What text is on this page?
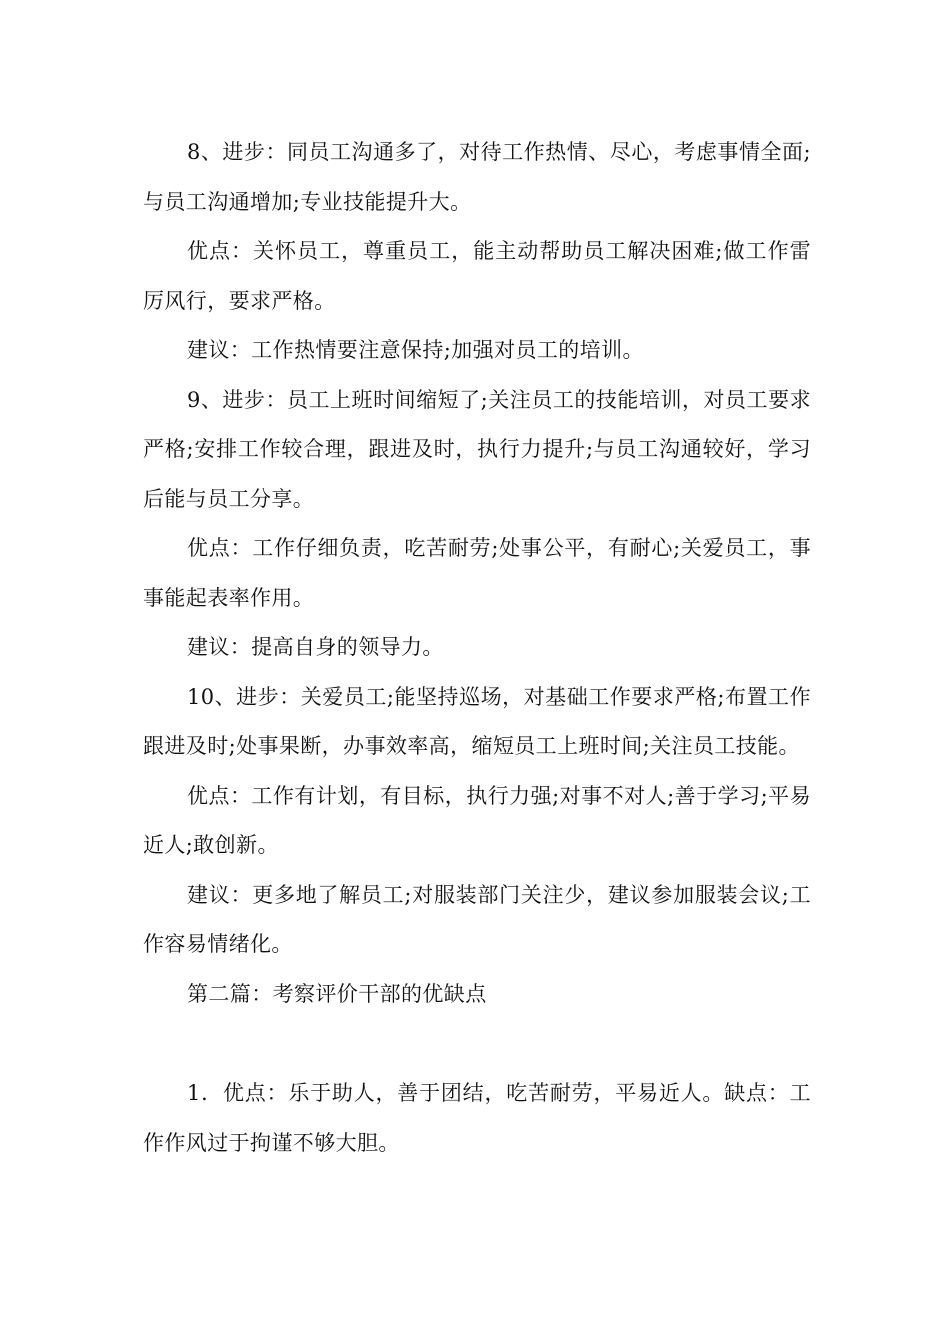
8、进步：同员工沟通多了，对待工作热情、尽心，考虑事情全面;与员工沟通增加;专业技能提升大。

优点：关怀员工，尊重员工，能主动帮助员工解决困难;做工作雷厉风行，要求严格。

建议：工作热情要注意保持;加强对员工的培训。

9、进步：员工上班时间缩短了;关注员工的技能培训，对员工要求严格;安排工作较合理，跟进及时，执行力提升;与员工沟通较好，学习后能与员工分享。

优点：工作仔细负责，吃苦耐劳;处事公平，有耐心;关爱员工，事事能起表率作用。

建议：提高自身的领导力。

10、进步：关爱员工;能坚持巡场，对基础工作要求严格;布置工作跟进及时;处事果断，办事效率高，缩短员工上班时间;关注员工技能。

优点：工作有计划，有目标，执行力强;对事不对人;善于学习;平易近人;敢创新。

建议：更多地了解员工;对服装部门关注少，建议参加服装会议;工作容易情绪化。

第二篇：考察评价干部的优缺点

1．优点：乐于助人，善于团结，吃苦耐劳，平易近人。缺点：工作作风过于拘谨不够大胆。
